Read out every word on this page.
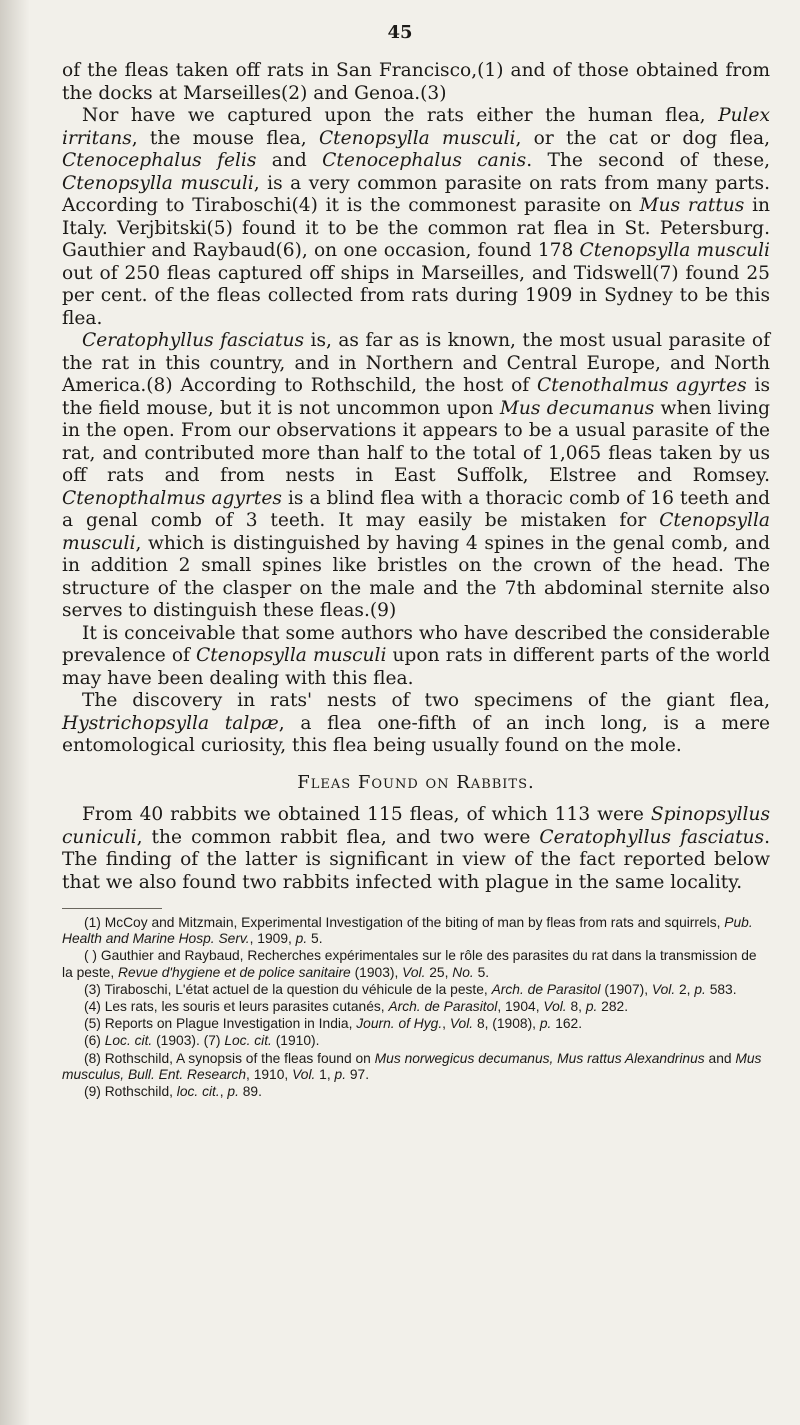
45

of the fleas taken off rats in San Francisco,(1) and of those obtained from the docks at Marseilles(2) and Genoa.(3)

Nor have we captured upon the rats either the human flea, Pulex irritans, the mouse flea, Ctenopsylla musculi, or the cat or dog flea, Ctenocephalus felis and Ctenocephalus canis. The second of these, Ctenopsylla musculi, is a very common parasite on rats from many parts. According to Tiraboschi(4) it is the commonest parasite on Mus rattus in Italy. Verjbitski(5) found it to be the common rat flea in St. Petersburg. Gauthier and Raybaud(6), on one occasion, found 178 Ctenopsylla musculi out of 250 fleas captured off ships in Marseilles, and Tidswell(7) found 25 per cent. of the fleas collected from rats during 1909 in Sydney to be this flea.

Ceratophyllus fasciatus is, as far as is known, the most usual parasite of the rat in this country, and in Northern and Central Europe, and North America.(8) According to Rothschild, the host of Ctenothalmus agyrtes is the field mouse, but it is not uncommon upon Mus decumanus when living in the open. From our observations it appears to be a usual parasite of the rat, and contributed more than half to the total of 1,065 fleas taken by us off rats and from nests in East Suffolk, Elstree and Romsey. Ctenopthalmus agyrtes is a blind flea with a thoracic comb of 16 teeth and a genal comb of 3 teeth. It may easily be mistaken for Ctenopsylla musculi, which is distinguished by having 4 spines in the genal comb, and in addition 2 small spines like bristles on the crown of the head. The structure of the clasper on the male and the 7th abdominal sternite also serves to distinguish these fleas.(9)

It is conceivable that some authors who have described the considerable prevalence of Ctenopsylla musculi upon rats in different parts of the world may have been dealing with this flea.

The discovery in rats' nests of two specimens of the giant flea, Hystrichopsylla talpæ, a flea one-fifth of an inch long, is a mere entomological curiosity, this flea being usually found on the mole.

Fleas Found on Rabbits.

From 40 rabbits we obtained 115 fleas, of which 113 were Spinopsyllus cuniculi, the common rabbit flea, and two were Ceratophyllus fasciatus. The finding of the latter is significant in view of the fact reported below that we also found two rabbits infected with plague in the same locality.

(1) McCoy and Mitzmain, Experimental Investigation of the biting of man by fleas from rats and squirrels, Pub. Health and Marine Hosp. Serv., 1909, p. 5.

( ) Gauthier and Raybaud, Recherches expérimentales sur le rôle des parasites du rat dans la transmission de la peste, Revue d'hygiene et de police sanitaire (1903), Vol. 25, No. 5.

(3) Tiraboschi, L'état actuel de la question du véhicule de la peste, Arch. de Parasitol (1907), Vol. 2, p. 583.

(4) Les rats, les souris et leurs parasites cutanés, Arch. de Parasitol, 1904, Vol. 8, p. 282.

(5) Reports on Plague Investigation in India, Journ. of Hyg., Vol. 8, (1908), p. 162.

(6) Loc. cit. (1903). (7) Loc. cit. (1910).

(8) Rothschild, A synopsis of the fleas found on Mus norwegicus decumanus, Mus rattus Alexandrinus and Mus musculus, Bull. Ent. Research, 1910, Vol. 1, p. 97.

(9) Rothschild, loc. cit., p. 89.
